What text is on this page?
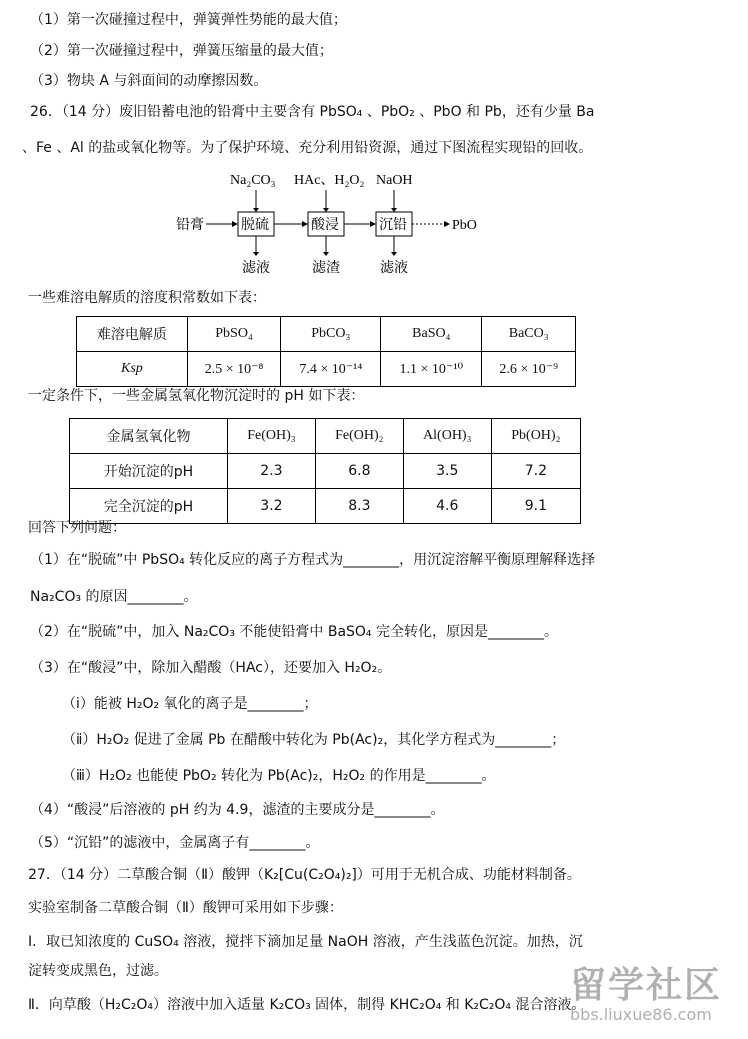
（1）第一次碰撞过程中，弹簧弹性势能的最大值；
（2）第一次碰撞过程中，弹簧压缩量的最大值；
（3）物块 A 与斜面间的动摩擦因数。
26．（14 分）废旧铅蓄电池的铅膏中主要含有 PbSO₄ 、PbO₂ 、PbO 和 Pb，还有少量 Ba
、Fe 、Al 的盐或氧化物等。为了保护环境、充分利用铅资源，通过下图流程实现铅的回收。
铅膏	脱硫
Na₂CO₃
滤液
酸浸
HAc、H₂O₂
滤渣
沉铅
NaOH
滤液
PbO
一些难溶电解质的溶度积常数如下表：
难溶电解质	PbSO₄	PbCO₃	BaSO₄	BaCO₃
Ksp	2.5 × 10⁻⁸	7.4 × 10⁻¹⁴	1.1 × 10⁻¹⁰	2.6 × 10⁻⁹
一定条件下，一些金属氢氧化物沉淀时的 pH 如下表：
金属氢氧化物	Fe(OH)₃	Fe(OH)₂	Al(OH)₃	Pb(OH)₂
开始沉淀的pH	2.3	6.8	3.5	7.2
完全沉淀的pH	3.2	8.3	4.6	9.1
回答下列问题：
（1）在“脱硫”中 PbSO₄ 转化反应的离子方程式为________，用沉淀溶解平衡原理解释选择
Na₂CO₃ 的原因________。
（2）在“脱硫”中，加入 Na₂CO₃ 不能使铅膏中 BaSO₄ 完全转化，原因是________。
（3）在“酸浸”中，除加入醋酸（HAc），还要加入 H₂O₂。
（ⅰ）能被 H₂O₂ 氧化的离子是________；
（ⅱ）H₂O₂ 促进了金属 Pb 在醋酸中转化为 Pb(Ac)₂，其化学方程式为________；
（ⅲ）H₂O₂ 也能使 PbO₂ 转化为 Pb(Ac)₂，H₂O₂ 的作用是________。
（4）“酸浸”后溶液的 pH 约为 4.9，滤渣的主要成分是________。
（5）“沉铅”的滤液中，金属离子有________。
27．（14 分）二草酸合铜（Ⅱ）酸钾（K₂[Cu(C₂O₄)₂]）可用于无机合成、功能材料制备。
实验室制备二草酸合铜（Ⅱ）酸钾可采用如下步骤：
Ⅰ．取已知浓度的 CuSO₄ 溶液，搅拌下滴加足量 NaOH 溶液，产生浅蓝色沉淀。加热，沉
淀转变成黑色，过滤。
Ⅱ．向草酸（H₂C₂O₄）溶液中加入适量 K₂CO₃ 固体，制得 KHC₂O₄ 和 K₂C₂O₄ 混合溶液。
留学社区
bbs.liuxue86.com
